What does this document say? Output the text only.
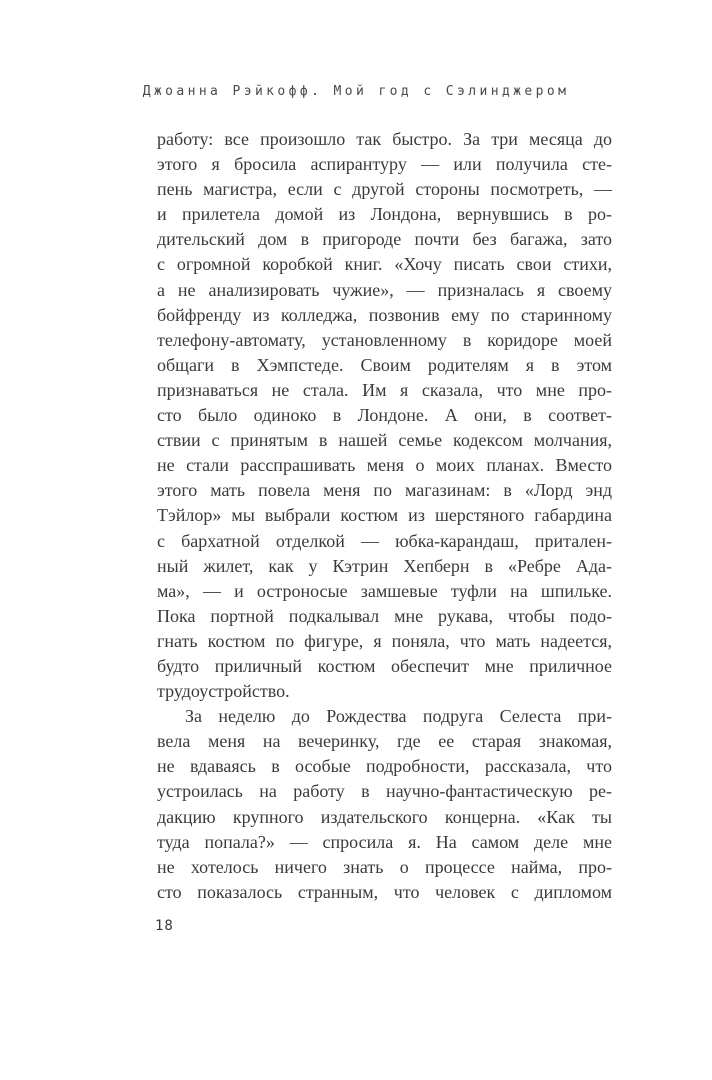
Джоанна Рэйкофф. Мой год с Сэлинджером
работу: все произошло так быстро. За три месяца до
этого я бросила аспирантуру — или получила сте-
пень магистра, если с другой стороны посмотреть, —
и прилетела домой из Лондона, вернувшись в ро-
дительский дом в пригороде почти без багажа, зато
с огромной коробкой книг. «Хочу писать свои стихи,
а не анализировать чужие», — призналась я своему
бойфренду из колледжа, позвонив ему по старинному
телефону-автомату, установленному в коридоре моей
общаги в Хэмпстеде. Своим родителям я в этом
признаваться не стала. Им я сказала, что мне про-
сто было одиноко в Лондоне. А они, в соответ-
ствии с принятым в нашей семье кодексом молчания,
не стали расспрашивать меня о моих планах. Вместо
этого мать повела меня по магазинам: в «Лорд энд
Тэйлор» мы выбрали костюм из шерстяного габардина
с бархатной отделкой — юбка-карандаш, притален-
ный жилет, как у Кэтрин Хепберн в «Ребре Ада-
ма», — и остроносые замшевые туфли на шпильке.
Пока портной подкалывал мне рукава, чтобы подо-
гнать костюм по фигуре, я поняла, что мать надеется,
будто приличный костюм обеспечит мне приличное
трудоустройство.
За неделю до Рождества подруга Селеста при-
вела меня на вечеринку, где ее старая знакомая,
не вдаваясь в особые подробности, рассказала, что
устроилась на работу в научно-фантастическую ре-
дакцию крупного издательского концерна. «Как ты
туда попала?» — спросила я. На самом деле мне
не хотелось ничего знать о процессе найма, про-
сто показалось странным, что человек с дипломом
18
